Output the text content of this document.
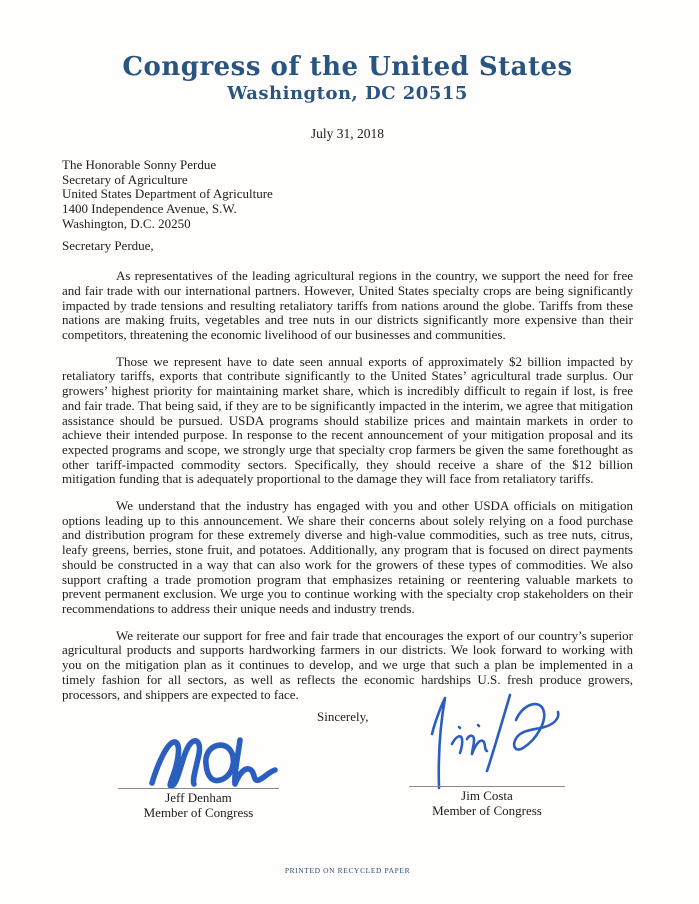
Congress of the United States
Washington, DC 20515
July 31, 2018
The Honorable Sonny Perdue
Secretary of Agriculture
United States Department of Agriculture
1400 Independence Avenue, S.W.
Washington, D.C. 20250
Secretary Perdue,

As representatives of the leading agricultural regions in the country, we support the need for free and fair trade with our international partners. However, United States specialty crops are being significantly impacted by trade tensions and resulting retaliatory tariffs from nations around the globe. Tariffs from these nations are making fruits, vegetables and tree nuts in our districts significantly more expensive than their competitors, threatening the economic livelihood of our businesses and communities.

Those we represent have to date seen annual exports of approximately $2 billion impacted by retaliatory tariffs, exports that contribute significantly to the United States’ agricultural trade surplus. Our growers’ highest priority for maintaining market share, which is incredibly difficult to regain if lost, is free and fair trade. That being said, if they are to be significantly impacted in the interim, we agree that mitigation assistance should be pursued. USDA programs should stabilize prices and maintain markets in order to achieve their intended purpose. In response to the recent announcement of your mitigation proposal and its expected programs and scope, we strongly urge that specialty crop farmers be given the same forethought as other tariff-impacted commodity sectors. Specifically, they should receive a share of the $12 billion mitigation funding that is adequately proportional to the damage they will face from retaliatory tariffs.

We understand that the industry has engaged with you and other USDA officials on mitigation options leading up to this announcement. We share their concerns about solely relying on a food purchase and distribution program for these extremely diverse and high-value commodities, such as tree nuts, citrus, leafy greens, berries, stone fruit, and potatoes. Additionally, any program that is focused on direct payments should be constructed in a way that can also work for the growers of these types of commodities. We also support crafting a trade promotion program that emphasizes retaining or reentering valuable markets to prevent permanent exclusion. We urge you to continue working with the specialty crop stakeholders on their recommendations to address their unique needs and industry trends.

We reiterate our support for free and fair trade that encourages the export of our country’s superior agricultural products and supports hardworking farmers in our districts. We look forward to working with you on the mitigation plan as it continues to develop, and we urge that such a plan be implemented in a timely fashion for all sectors, as well as reflects the economic hardships U.S. fresh produce growers, processors, and shippers are expected to face.

Sincerely,
Jeff Denham
Member of Congress
Jim Costa
Member of Congress
PRINTED ON RECYCLED PAPER
